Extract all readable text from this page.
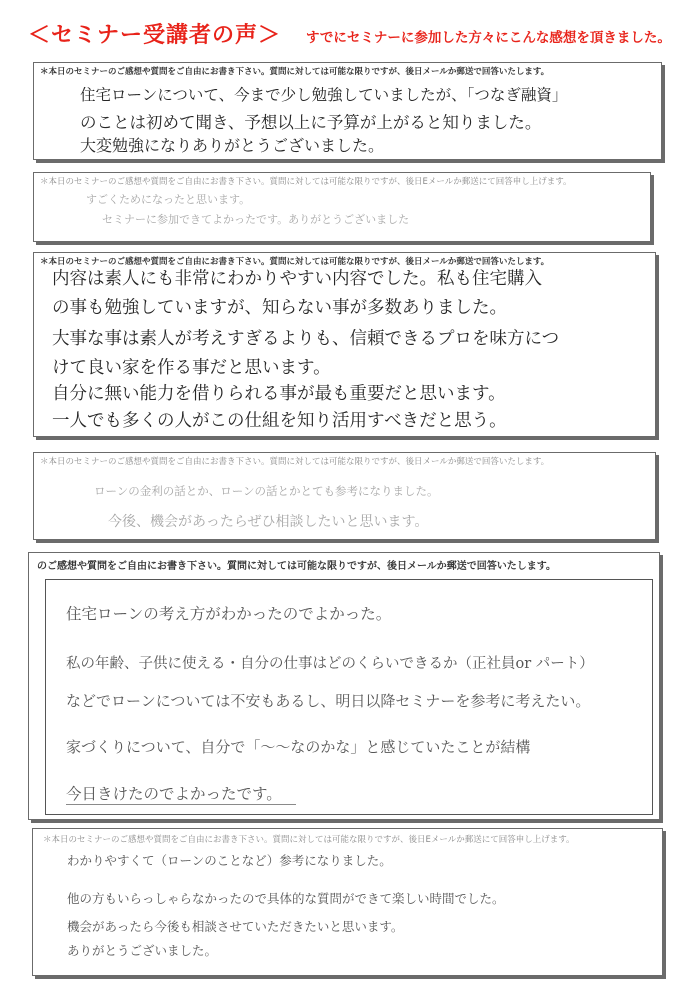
＜セミナー受講者の声＞ すでにセミナーに参加した方々にこんな感想を頂きました。
＊本日のセミナーのご感想や質問をご自由にお書き下さい。質問に対しては可能な限りですが、後日メールか郵送で回答いたします。
住宅ローンについて、今まで少し勉強していましたが、「つなぎ融資」
のことは初めて聞き、予想以上に予算が上がると知りました。
大変勉強になりありがとうございました。
＊本日のセミナーのご感想や質問をご自由にお書き下さい。質問に対しては可能な限りですが、後日Eメールか郵送にて回答申し上げます。
すごくためになったと思います。
セミナーに参加できてよかったです。ありがとうございました
＊本日のセミナーのご感想や質問をご自由にお書き下さい。質問に対しては可能な限りですが、後日メールか郵送で回答いたします。
内容は素人にも非常にわかりやすい内容でした。私も住宅購入
の事も勉強していますが、知らない事が多数ありました。
大事な事は素人が考えすぎるよりも、信頼できるプロを味方につ
けて良い家を作る事だと思います。
自分に無い能力を借りられる事が最も重要だと思います。
一人でも多くの人がこの仕組を知り活用すべきだと思う。
＊本日のセミナーのご感想や質問をご自由にお書き下さい。質問に対しては可能な限りですが、後日メールか郵送で回答いたします。
ローンの金利の話とか、ローンの話とかとても参考になりました。
今後、機会があったらぜひ相談したいと思います。
のご感想や質問をご自由にお書き下さい。質問に対しては可能な限りですが、後日メールか郵送で回答いたします。
住宅ローンの考え方がわかったのでよかった。
私の年齢、子供に使える・自分の仕事はどのくらいできるか（正社員or パート）
などでローンについては不安もあるし、明日以降セミナーを参考に考えたい。
家づくりについて、自分で「〜〜なのかな」と感じていたことが結構
今日きけたのでよかったです。
＊本日のセミナーのご感想や質問をご自由にお書き下さい。質問に対しては可能な限りですが、後日Eメールか郵送にて回答申し上げます。
わかりやすくて（ローンのことなど）参考になりました。
他の方もいらっしゃらなかったので具体的な質問ができて楽しい時間でした。
機会があったら今後も相談させていただきたいと思います。
ありがとうございました。
